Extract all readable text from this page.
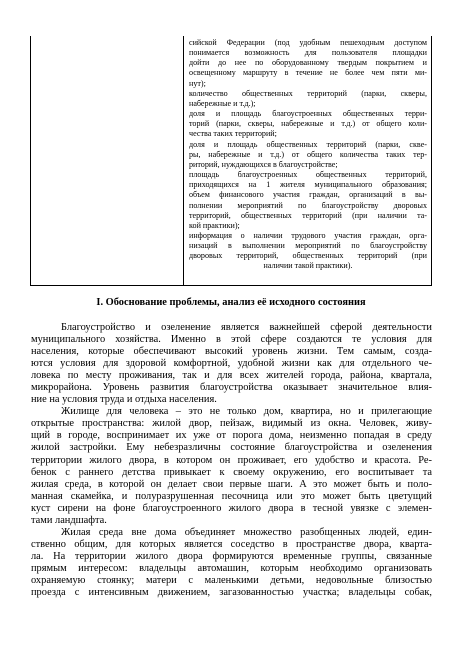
сийской Федерации (под удобным пешеходным доступом
понимается возможность для пользователя площадки
дойти до нее по оборудованному твердым покрытием и
освещенному маршруту в течение не более чем пяти ми-
нут);
количество общественных территорий (парки, скверы,
набережные и т.д.);
доля и площадь благоустроенных общественных терри-
торий (парки, скверы, набережные и т.д.) от общего коли-
чества таких территорий;
доля и площадь общественных территорий (парки, скве-
ры, набережные и т.д.) от общего количества таких тер-
риторий, нуждающихся в благоустройстве;
площадь благоустроенных общественных территорий,
приходящихся на 1 жителя муниципального образования;
объем финансового участия граждан, организаций в вы-
полнении мероприятий по благоустройству дворовых
территорий, общественных территорий (при наличии та-
кой практики);
информация о наличии трудового участия граждан, орга-
низаций в выполнении мероприятий по благоустройству
дворовых территорий, общественных территорий (при
наличии такой практики).
I. Обоснование проблемы, анализ её исходного состояния
Благоустройство и озеленение является важнейшей сферой деятельности
муниципального хозяйства. Именно в этой сфере создаются те условия для
населения, которые обеспечивают высокий уровень жизни. Тем самым, созда-
ются условия для здоровой комфортной, удобной жизни как для отдельного че-
ловека по месту проживания, так и для всех жителей города, района, квартала,
микрорайона. Уровень развития благоустройства оказывает значительное влия-
ние на условия труда и отдыха населения.
Жилище для человека – это не только дом, квартира, но и прилегающие
открытые пространства: жилой двор, пейзаж, видимый из окна. Человек, живу-
щий в городе, воспринимает их уже от порога дома, неизменно попадая в среду
жилой застройки. Ему небезразличны состояние благоустройства и озеленения
территории жилого двора, в котором он проживает, его удобство и красота. Ре-
бенок с раннего детства привыкает к своему окружению, его воспитывает та
жилая среда, в которой он делает свои первые шаги. А это может быть и поло-
манная скамейка, и полуразрушенная песочница или это может быть цветущий
куст сирени на фоне благоустроенного жилого двора в тесной увязке с элемен-
тами ландшафта.
Жилая среда вне дома объединяет множество разобщенных людей, един-
ственно общим, для которых является соседство в пространстве двора, кварта-
ла. На территории жилого двора формируются временные группы, связанные
прямым интересом: владельцы автомашин, которым необходимо организовать
охраняемую стоянку; матери с маленькими детьми, недовольные близостью
проезда с интенсивным движением, загазованностью участка; владельцы собак,
